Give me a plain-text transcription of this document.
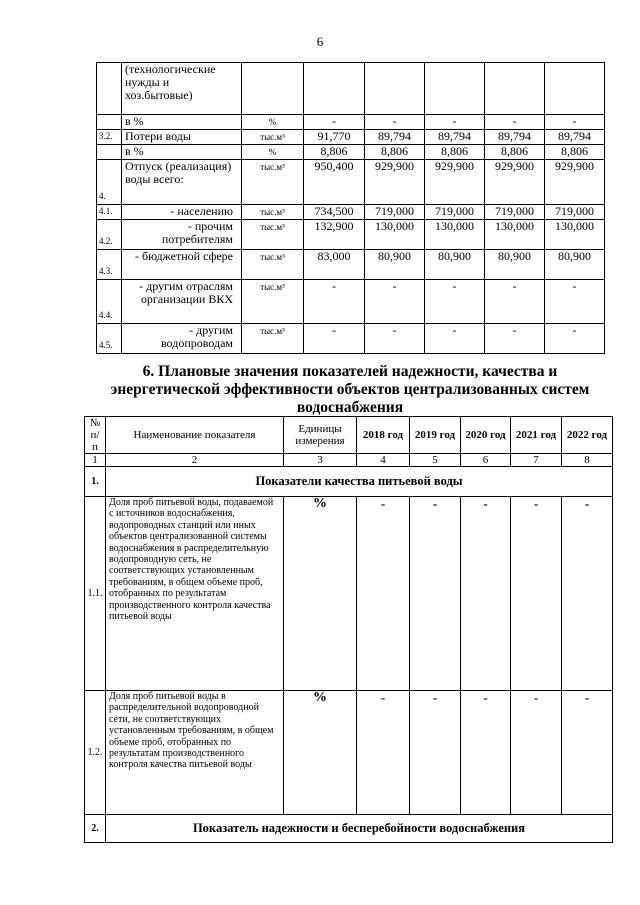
6
	(технологические нужды и хоз.бытовые)						
	в %	%	-	-	-	-	-
3.2.	Потери воды	тыс.м³	91,770	89,794	89,794	89,794	89,794
	в %	%	8,806	8,806	8,806	8,806	8,806
4.	Отпуск (реализация) воды всего:	тыс.м³	950,400	929,900	929,900	929,900	929,900
4.1.	- населению	тыс.м³	734,500	719,000	719,000	719,000	719,000
4.2.	- прочим потребителям	тыс.м³	132,900	130,000	130,000	130,000	130,000
4.3.	- бюджетной сфере	тыс.м³	83,000	80,900	80,900	80,900	80,900
4.4.	- другим отраслям организации ВКХ	тыс.м³	-	-	-	-	-
4.5.	- другим водопроводам	тыс.м³	-	-	-	-	-
6. Плановые значения показателей надежности, качества и энергетической эффективности объектов централизованных систем водоснабжения
№ п/п	Наименование показателя	Единицы измерения	2018 год	2019 год	2020 год	2021 год	2022 год
1	2	3	4	5	6	7	8
1.	Показатели качества питьевой воды						
1.1.	Доля проб питьевой воды, подаваемой с источников водоснабжения, водопроводных станций или иных объектов централизованной системы водоснабжения в распределительную водопроводную сеть, не соответствующих установленным требованиям, в общем объеме проб, отобранных по результатам производственного контроля качества питьевой воды	%	-	-	-	-	-
1.2.	Доля проб питьевой воды в распределительной водопроводной сети, не соответствующих установленным требованиям, в общем объеме проб, отобранных по результатам производственного контроля качества питьевой воды	%	-	-	-	-	-
2.	Показатель надежности и бесперебойности водоснабжения						
